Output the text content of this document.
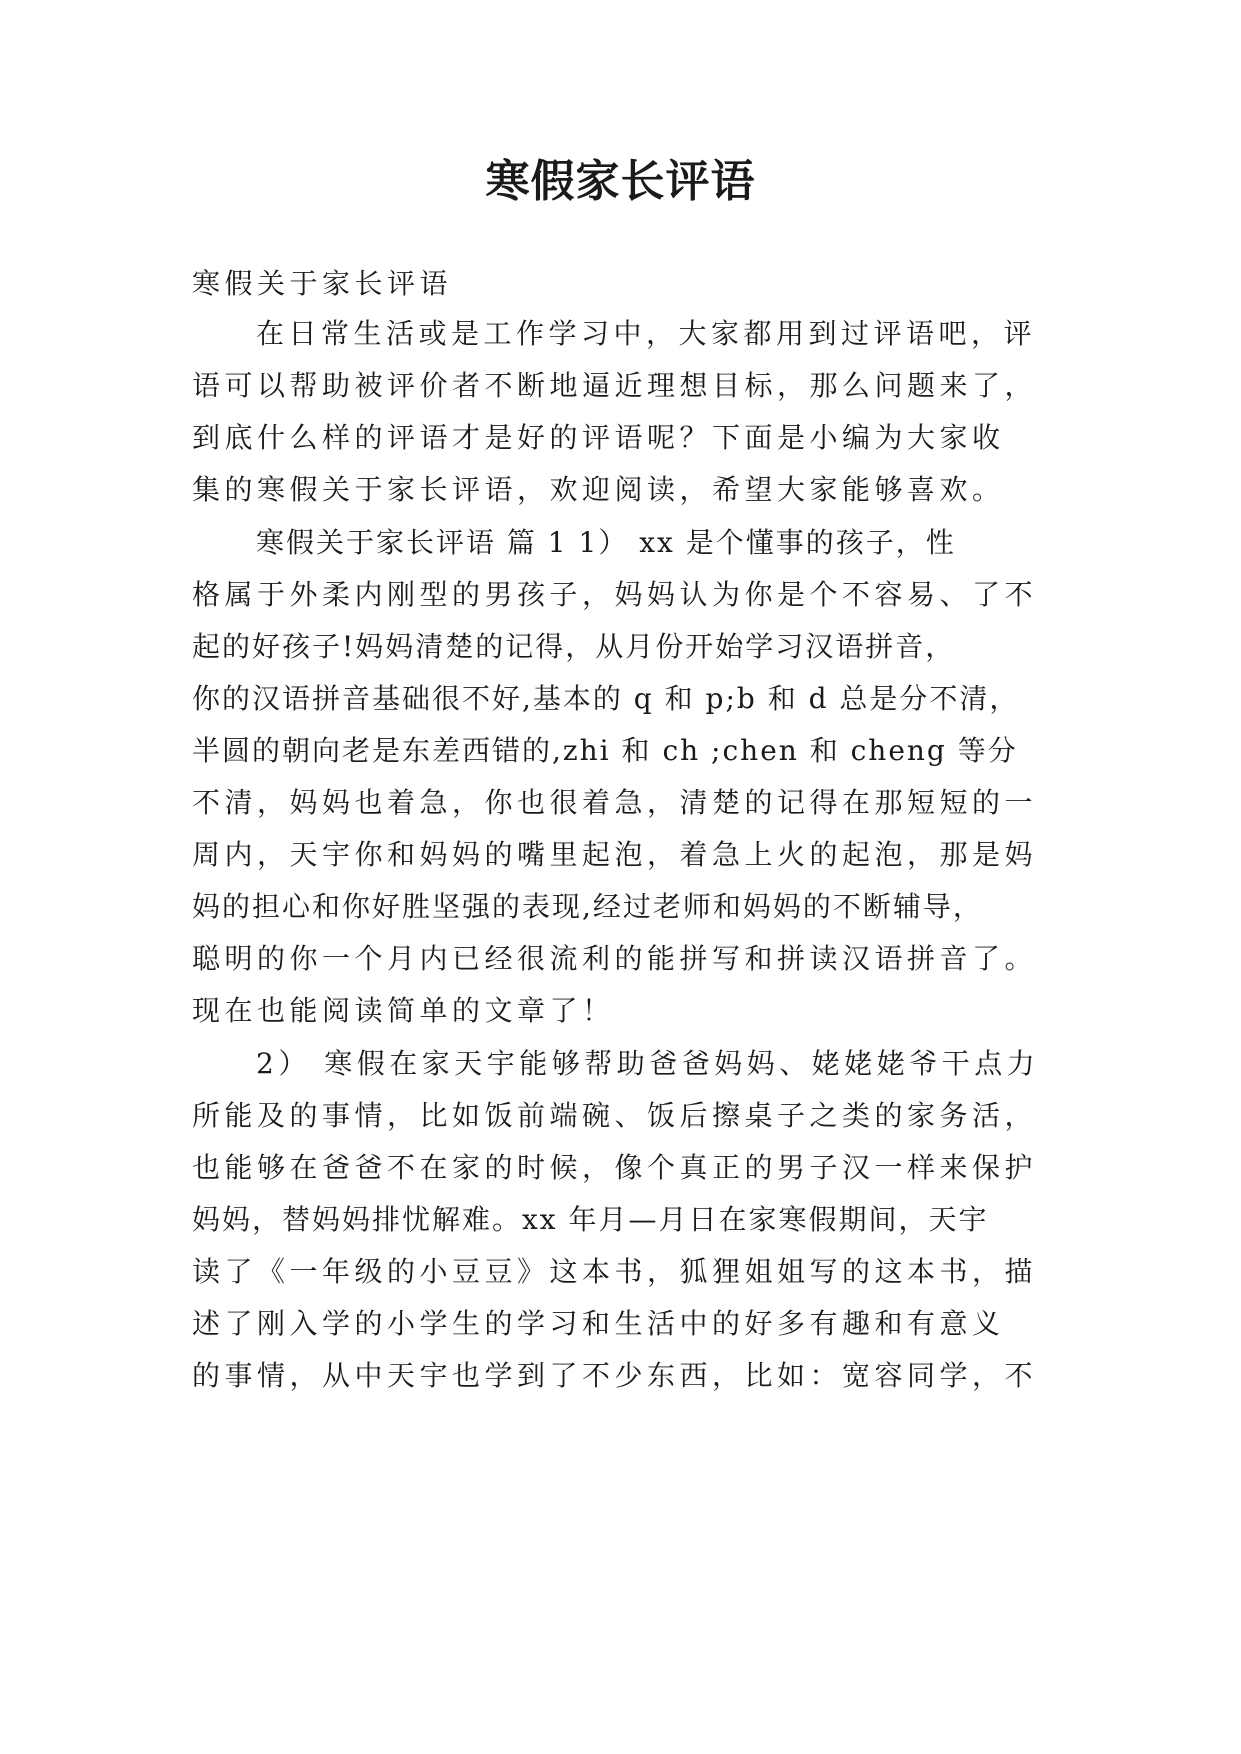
寒假家长评语
寒假关于家长评语
在日常生活或是工作学习中，大家都用到过评语吧，评
语可以帮助被评价者不断地逼近理想目标，那么问题来了，
到底什么样的评语才是好的评语呢？下面是小编为大家收
集的寒假关于家长评语，欢迎阅读，希望大家能够喜欢。
寒假关于家长评语 篇 1 1） xx 是个懂事的孩子，性
格属于外柔内刚型的男孩子，妈妈认为你是个不容易、了不
起的好孩子!妈妈清楚的记得，从月份开始学习汉语拼音，
你的汉语拼音基础很不好,基本的 q 和 p;b 和 d 总是分不清，
半圆的朝向老是东差西错的,zhi 和 ch ;chen 和 cheng 等分
不清，妈妈也着急，你也很着急，清楚的记得在那短短的一
周内，天宇你和妈妈的嘴里起泡，着急上火的起泡，那是妈
妈的担心和你好胜坚强的表现,经过老师和妈妈的不断辅导，
聪明的你一个月内已经很流利的能拼写和拼读汉语拼音了。
现在也能阅读简单的文章了！
2） 寒假在家天宇能够帮助爸爸妈妈、姥姥姥爷干点力
所能及的事情，比如饭前端碗、饭后擦桌子之类的家务活，
也能够在爸爸不在家的时候，像个真正的男子汉一样来保护
妈妈，替妈妈排忧解难。xx 年月—月日在家寒假期间，天宇
读了《一年级的小豆豆》这本书，狐狸姐姐写的这本书，描
述了刚入学的小学生的学习和生活中的好多有趣和有意义
的事情，从中天宇也学到了不少东西，比如：宽容同学，不
